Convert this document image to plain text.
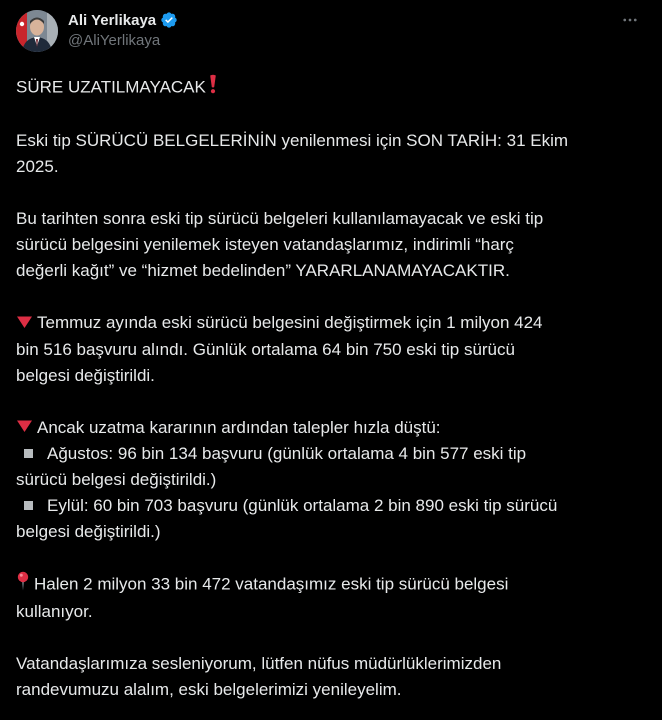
Ali Yerlikaya
@AliYerlikaya
SÜRE UZATILMAYACAK
Eski tip SÜRÜCÜ BELGELERİNİN yenilenmesi için SON TARİH: 31 Ekim
2025.
Bu tarihten sonra eski tip sürücü belgeleri kullanılamayacak ve eski tip
sürücü belgesini yenilemek isteyen vatandaşlarımız, indirimli “harç
değerli kağıt” ve “hizmet bedelinden” YARARLANAMAYACAKTIR.
Temmuz ayında eski sürücü belgesini değiştirmek için 1 milyon 424
bin 516 başvuru alındı. Günlük ortalama 64 bin 750 eski tip sürücü
belgesi değiştirildi.
Ancak uzatma kararının ardından talepler hızla düştü:
Ağustos: 96 bin 134 başvuru (günlük ortalama 4 bin 577 eski tip
sürücü belgesi değiştirildi.)
Eylül: 60 bin 703 başvuru (günlük ortalama 2 bin 890 eski tip sürücü
belgesi değiştirildi.)
Halen 2 milyon 33 bin 472 vatandaşımız eski tip sürücü belgesi
kullanıyor.
Vatandaşlarımıza sesleniyorum, lütfen nüfus müdürlüklerimizden
randevumuzu alalım, eski belgelerimizi yenileyelim.
